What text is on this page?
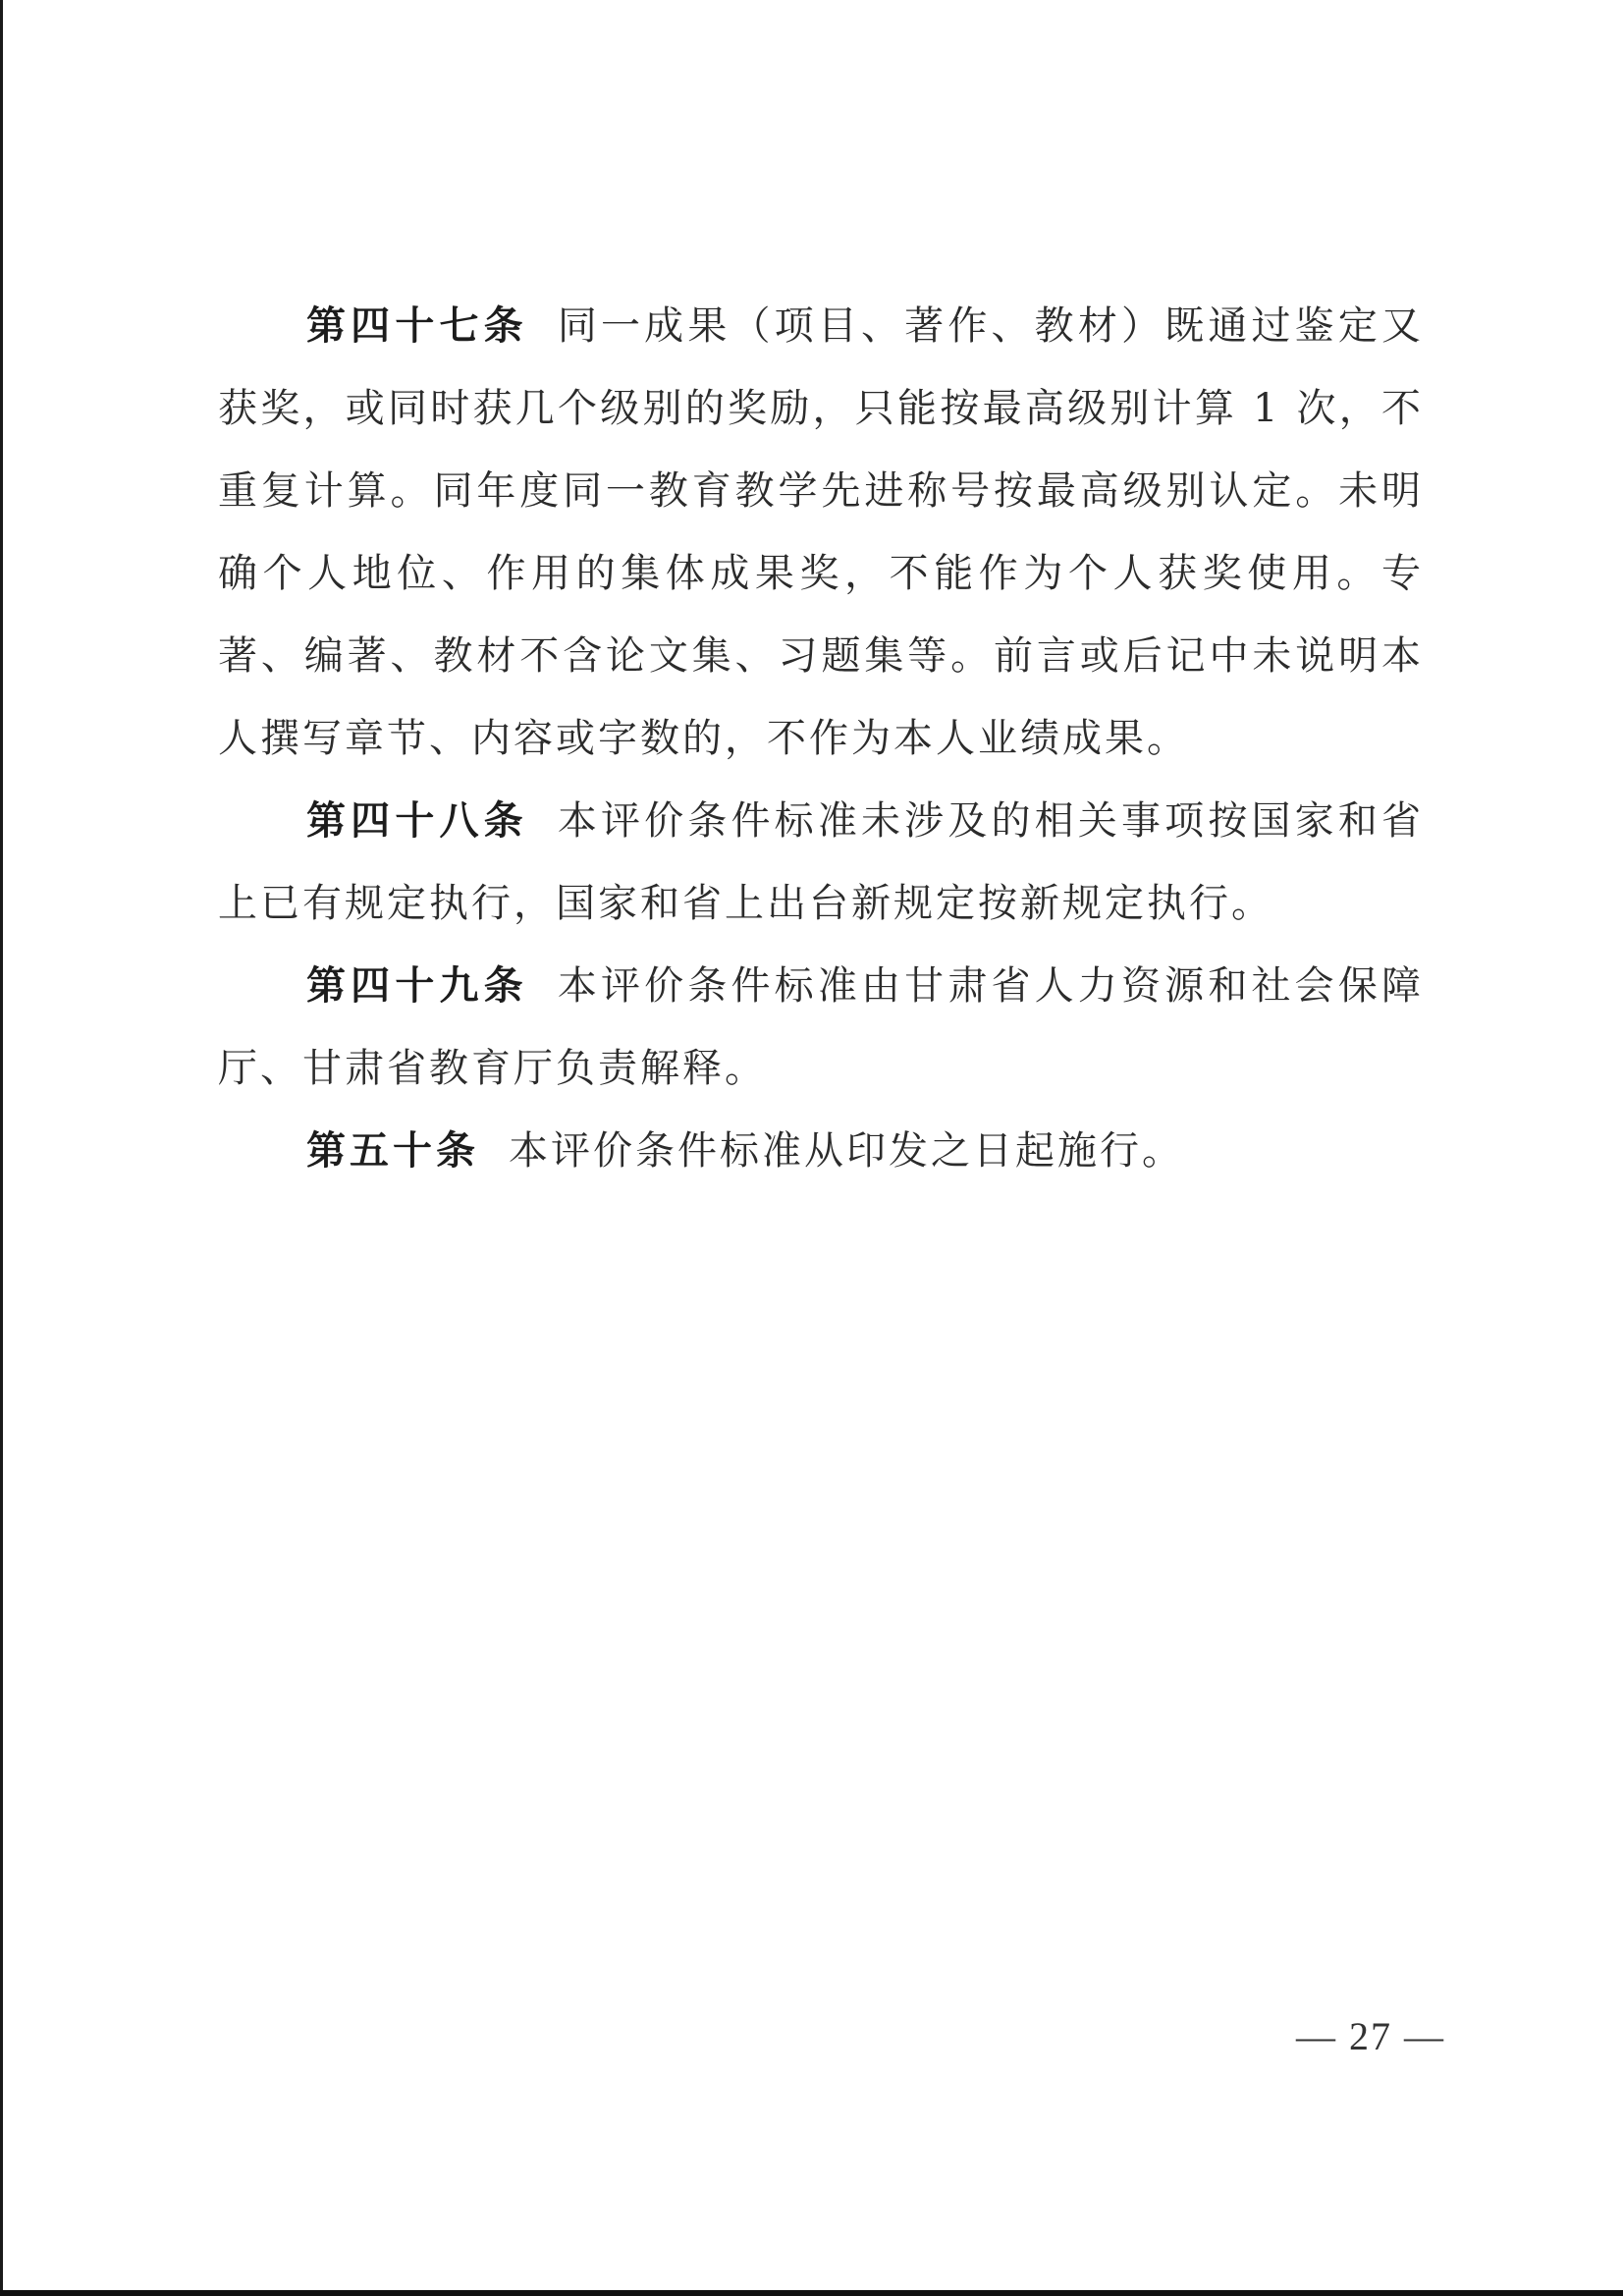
第四十七条 同一成果（项目、著作、教材）既通过鉴定又获奖，或同时获几个级别的奖励，只能按最高级别计算 1 次，不重复计算。同年度同一教育教学先进称号按最高级别认定。未明确个人地位、作用的集体成果奖，不能作为个人获奖使用。专著、编著、教材不含论文集、习题集等。前言或后记中未说明本人撰写章节、内容或字数的，不作为本人业绩成果。

第四十八条 本评价条件标准未涉及的相关事项按国家和省上已有规定执行，国家和省上出台新规定按新规定执行。

第四十九条 本评价条件标准由甘肃省人力资源和社会保障厅、甘肃省教育厅负责解释。

第五十条 本评价条件标准从印发之日起施行。

— 27 —
